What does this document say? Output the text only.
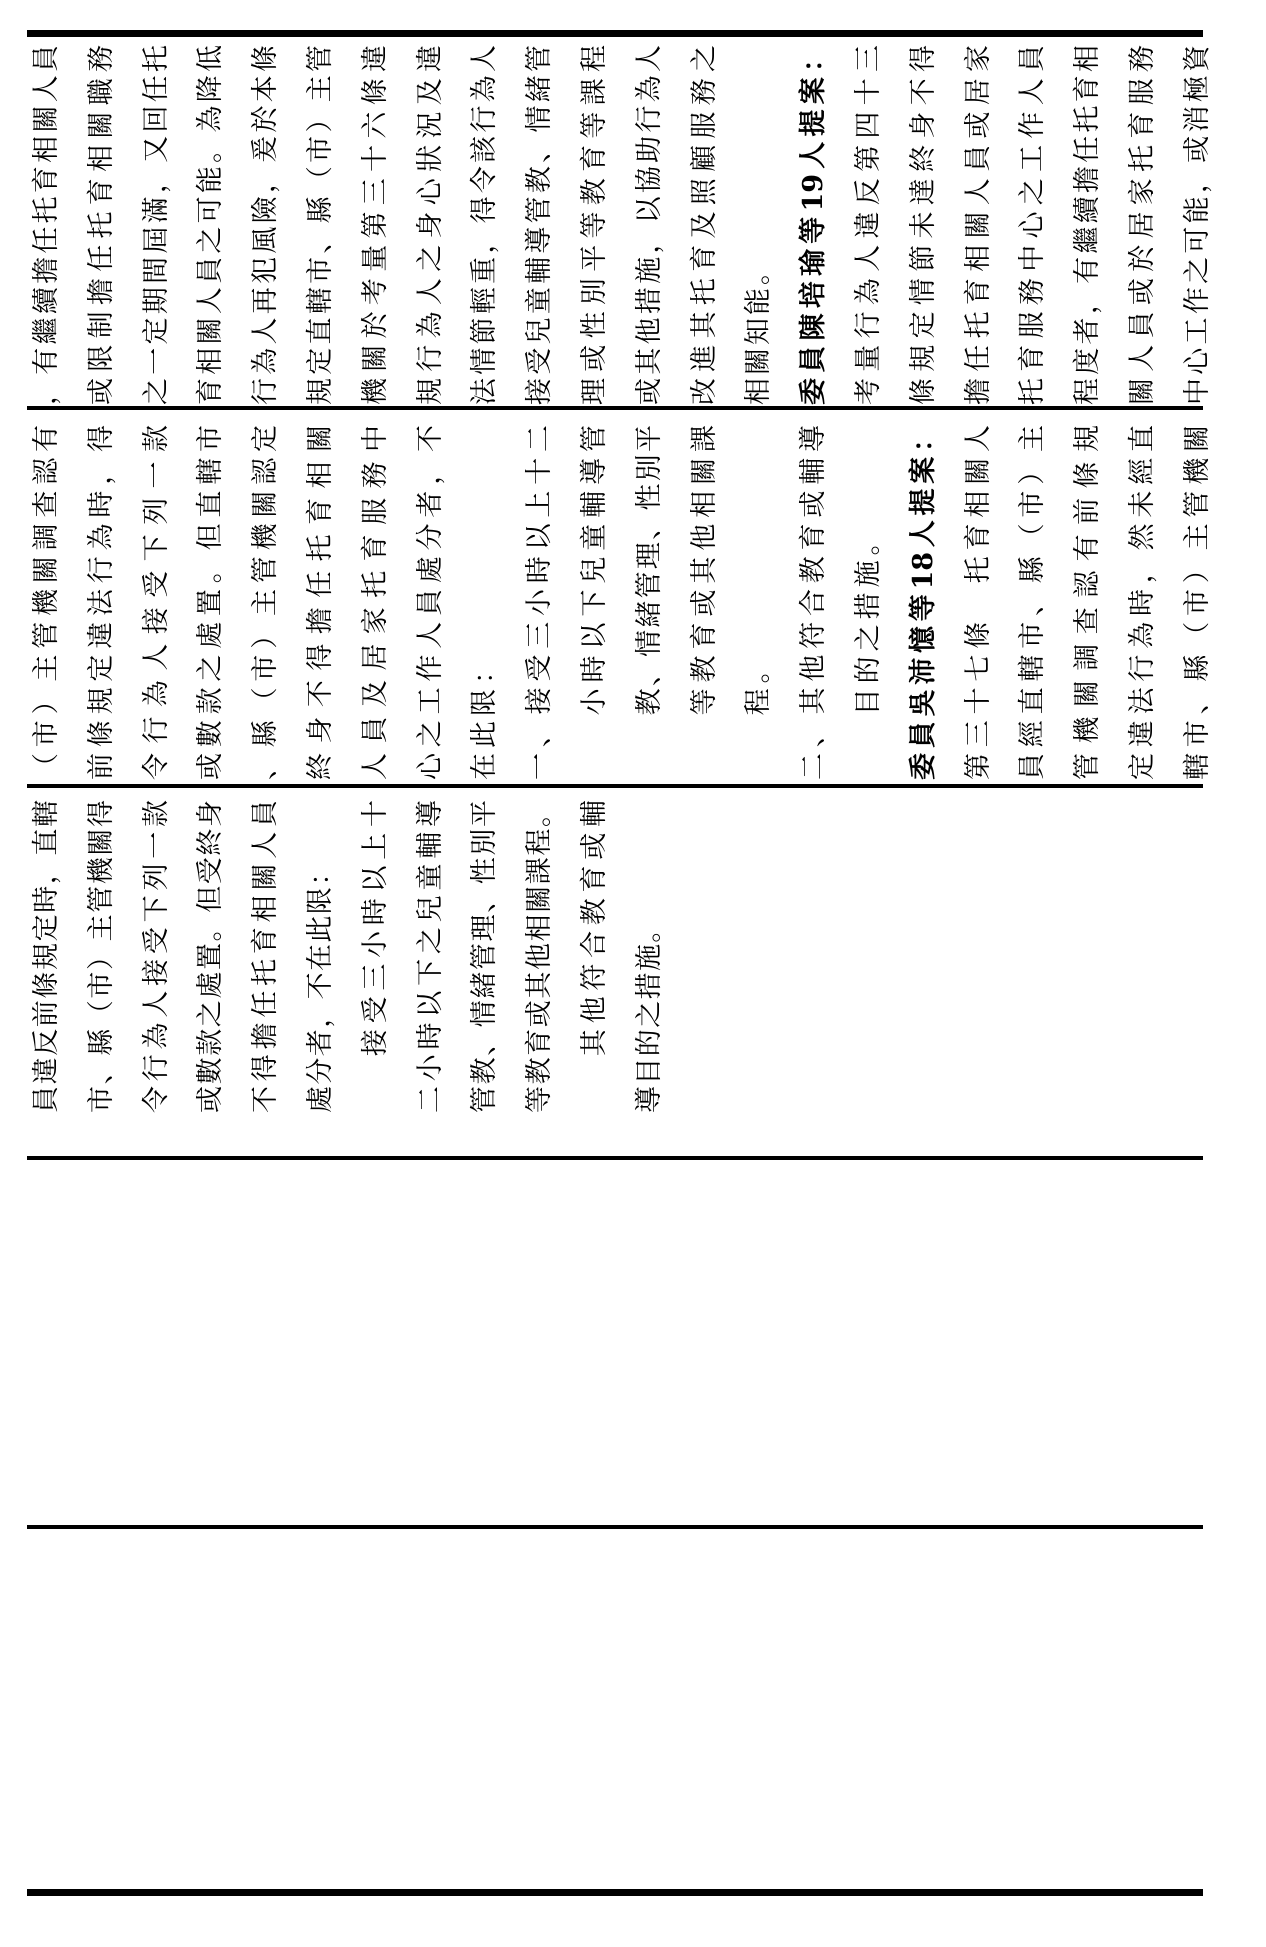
員違反前條規定時，直轄 市、縣（市）主管機關得 令行為人接受下列一款 或數款之處置。但受終身 不得擔任托育相關人員 處分者，不在此限： 接受三小時以上十 二小時以下之兒童輔導 管教、情緒管理、性別平 等教育或其他相關課程。 其他符合教育或輔 導目的之措施。
（市）主管機關調查認有 前條規定違法行為時，得 令行為人接受下列一款 或數款之處置。但直轄市 、縣（市）主管機關認定 終身不得擔任托育相關 人員及居家托育服務中 心之工作人員處分者，不 在此限： 一、接受三小時以上十二 小時以下兒童輔導管 教、情緒管理、性別平 等教育或其他相關課 程。 二、其他符合教育或輔導 目的之措施。 委員吳沛憶等18人提案： 第三十七條　托育相關人 員經直轄市、縣（市）主 管機關調查認有前條規 定違法行為時，然未經直 轄市、縣（市）主管機關
，有繼續擔任托育相關人員 或限制擔任托育相關職務 之一定期間屆滿，又回任托 育相關人員之可能。為降低 行為人再犯風險，爰於本條 規定直轄市、縣（市）主管 機關於考量第三十六條違 規行為人之身心狀況及違 法情節輕重，得令該行為人 接受兒童輔導管教、情緒管 理或性別平等教育等課程 或其他措施，以協助行為人 改進其托育及照顧服務之 相關知能。 委員陳培瑜等19人提案： 考量行為人違反第四十三 條規定情節未達終身不得 擔任托育相關人員或居家 托育服務中心之工作人員 程度者，有繼續擔任托育相 關人員或於居家托育服務 中心工作之可能，或消極資
